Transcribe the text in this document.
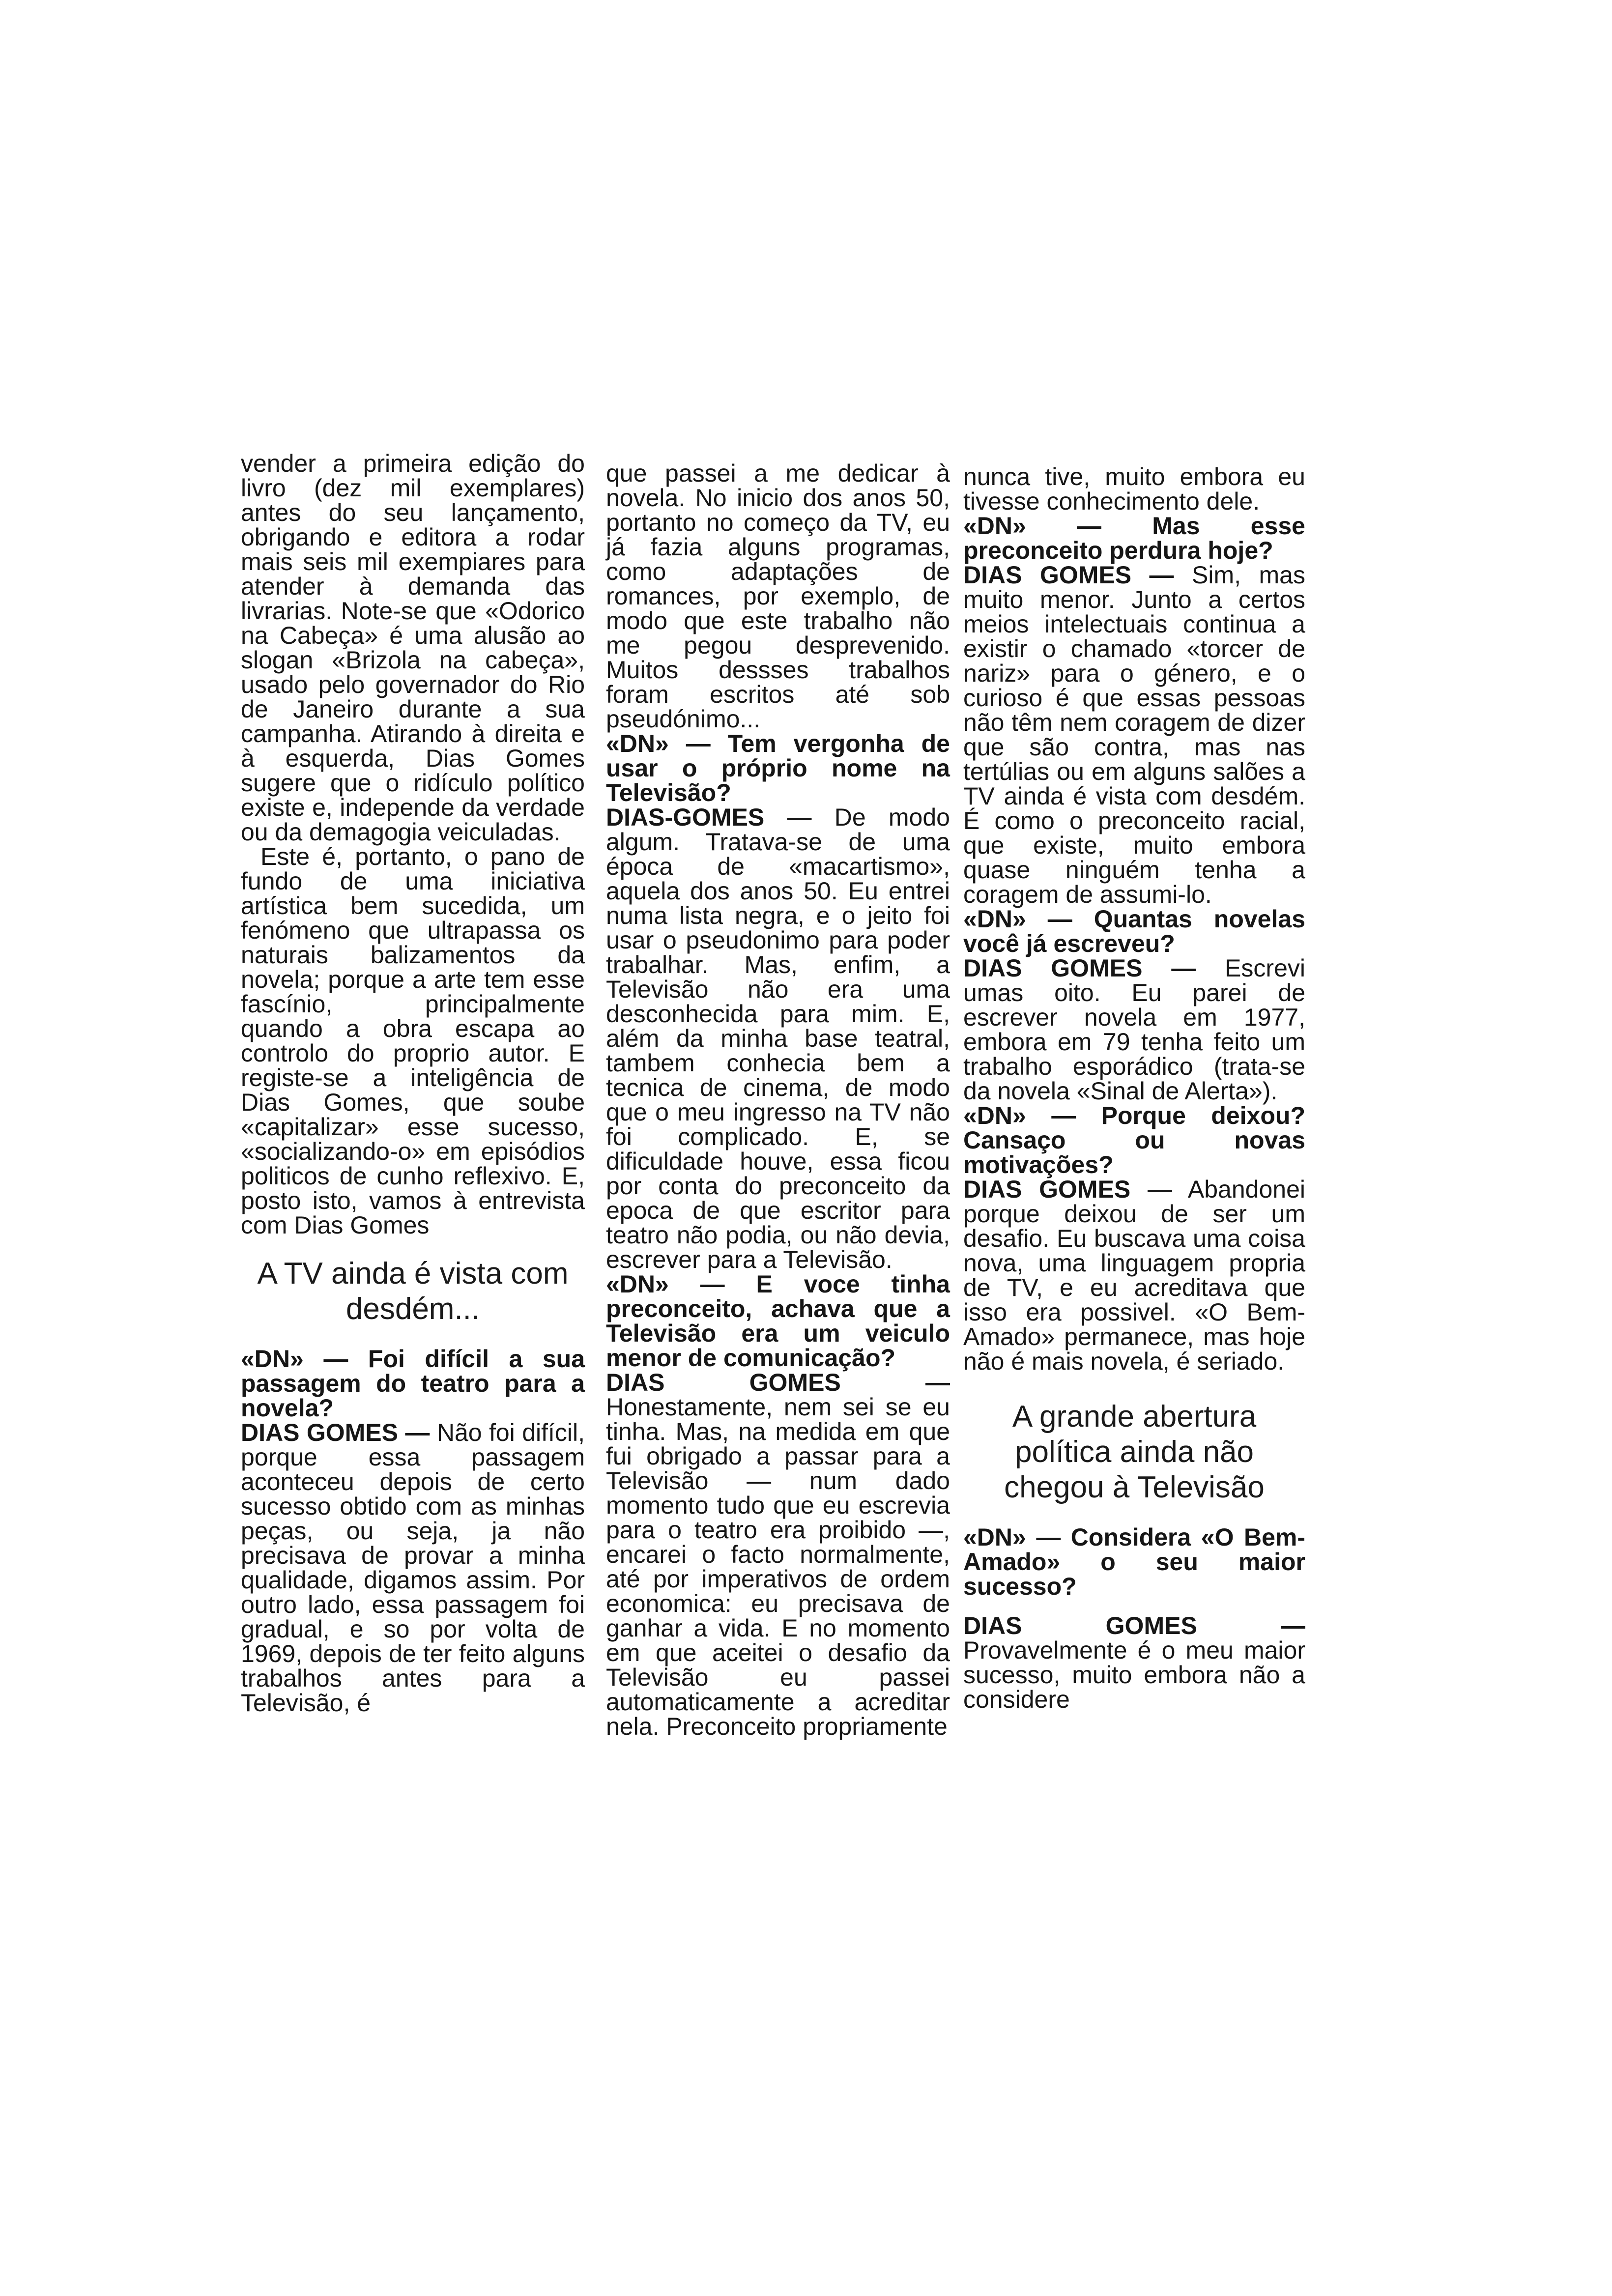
vender a primeira edição do livro (dez mil exemplares) antes do seu lançamento, obrigando e editora a rodar mais seis mil exempiares para atender à demanda das livrarias. Note-se que «Odorico na Cabeça» é uma alusão ao slogan «Brizola na cabeça», usado pelo governador do Rio de Janeiro durante a sua campanha. Atirando à direita e à esquerda, Dias Gomes sugere que o ridículo político existe e, independe da verdade ou da demagogia veiculadas.

Este é, portanto, o pano de fundo de uma iniciativa artística bem sucedida, um fenómeno que ultrapassa os naturais balizamentos da novela; porque a arte tem esse fascínio, principalmente quando a obra escapa ao controlo do proprio autor. E registe-se a inteligência de Dias Gomes, que soube «capitalizar» esse sucesso, «socializando-o» em episódios politicos de cunho reflexivo. E, posto isto, vamos à entrevista com Dias Gomes

A TV ainda é vista com desdém...

«DN» — Foi difícil a sua passagem do teatro para a novela?

DIAS GOMES — Não foi difícil, porque essa passagem aconteceu depois de certo sucesso obtido com as minhas peças, ou seja, ja não precisava de provar a minha qualidade, digamos assim. Por outro lado, essa passagem foi gradual, e so por volta de 1969, depois de ter feito alguns trabalhos antes para a Televisão, é

que passei a me dedicar à novela. No inicio dos anos 50, portanto no começo da TV, eu já fazia alguns programas, como adaptações de romances, por exemplo, de modo que este trabalho não me pegou desprevenido. Muitos dessses trabalhos foram escritos até sob pseudónimo...

«DN» — Tem vergonha de usar o próprio nome na Televisão?

DIAS-GOMES — De modo algum. Tratava-se de uma época de «macartismo», aquela dos anos 50. Eu entrei numa lista negra, e o jeito foi usar o pseudonimo para poder trabalhar. Mas, enfim, a Televisão não era uma desconhecida para mim. E, além da minha base teatral, tambem conhecia bem a tecnica de cinema, de modo que o meu ingresso na TV não foi complicado. E, se dificuldade houve, essa ficou por conta do preconceito da epoca de que escritor para teatro não podia, ou não devia, escrever para a Televisão.

«DN» — E voce tinha preconceito, achava que a Televisão era um veiculo menor de comunicação?

DIAS GOMES — Honestamente, nem sei se eu tinha. Mas, na medida em que fui obrigado a passar para a Televisão — num dado momento tudo que eu escrevia para o teatro era proibido —, encarei o facto normalmente, até por imperativos de ordem economica: eu precisava de ganhar a vida. E no momento em que aceitei o desafio da Televisão eu passei automaticamente a acreditar nela. Preconceito propriamente

nunca tive, muito embora eu tivesse conhecimento dele.

«DN» — Mas esse preconceito perdura hoje?

DIAS GOMES — Sim, mas muito menor. Junto a certos meios intelectuais continua a existir o chamado «torcer de nariz» para o género, e o curioso é que essas pessoas não têm nem coragem de dizer que são contra, mas nas tertúlias ou em alguns salões a TV ainda é vista com desdém. É como o preconceito racial, que existe, muito embora quase ninguém tenha a coragem de assumi-lo.

«DN» — Quantas novelas você já escreveu?

DIAS GOMES — Escrevi umas oito. Eu parei de escrever novela em 1977, embora em 79 tenha feito um trabalho esporádico (trata-se da novela «Sinal de Alerta»).

«DN» — Porque deixou? Cansaço ou novas motivações?

DIAS GOMES — Abandonei porque deixou de ser um desafio. Eu buscava uma coisa nova, uma linguagem propria de TV, e eu acreditava que isso era possivel. «O Bem-Amado» permanece, mas hoje não é mais novela, é seriado.

A grande abertura política ainda não chegou à Televisão

«DN» — Considera «O Bem-Amado» o seu maior sucesso?

DIAS GOMES — Provavelmente é o meu maior sucesso, muito embora não a considere
